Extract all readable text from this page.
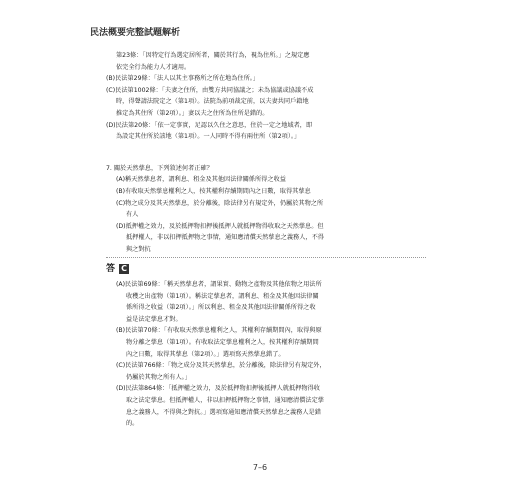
民法概要完整試題解析
第23條：「因特定行為選定居所者，關於其行為，視為住所。」之規定應
依完全行為能力人才適用。
(B)民法第29條：「法人以其主事務所之所在地為住所。」
(C)民法第1002條：「夫妻之住所，由雙方共同協議之；未為協議或協議不成
時，得聲請法院定之（第1項）。法院為前項裁定前，以夫妻共同戶籍地
推定為其住所（第2項）。」妻以夫之住所為住所是錯的。
(D)民法第20條：「依一定事實，足認以久住之意思，住於一定之地域者，即
為設定其住所於該地（第1項）。一人同時不得有兩住所（第2項）。」
7. 關於天然孳息，下列敘述何者正確？
(A)稱天然孳息者，謂利息、租金及其他因法律關係所得之收益
(B)有收取天然孳息權利之人，按其權利存續期間內之日數，取得其孳息
(C)物之成分及其天然孳息，於分離後，除法律另有規定外，仍屬於其物之所
有人
(D)抵押權之效力，及於抵押物扣押後抵押人就抵押物得收取之天然孳息。但
抵押權人，非以扣押抵押物之事情，通知應清償天然孳息之義務人，不得
與之對抗
答 C
(A)民法第69條：「稱天然孳息者，謂果實、動物之產物及其他依物之用法所
收穫之出產物（第1項）。稱法定孳息者，謂利息、租金及其他因法律關
係所得之收益（第2項）。」所以利息、租金及其他因法律關係所得之收
益是法定孳息才對。
(B)民法第70條：「有收取天然孳息權利之人，其權利存續期間內，取得與原
物分離之孳息（第1項）。有收取法定孳息權利之人，按其權利存續期間
內之日數，取得其孳息（第2項）。」選項寫天然孳息錯了。
(C)民法第766條：「物之成分及其天然孳息，於分離後，除法律另有規定外，
仍屬於其物之所有人。」
(D)民法第864條：「抵押權之效力，及於抵押物扣押後抵押人就抵押物得收
取之法定孳息。但抵押權人，非以扣押抵押物之事情，通知應清償法定孳
息之義務人，不得與之對抗。」選項寫通知應清償天然孳息之義務人是錯
的。
7–6
